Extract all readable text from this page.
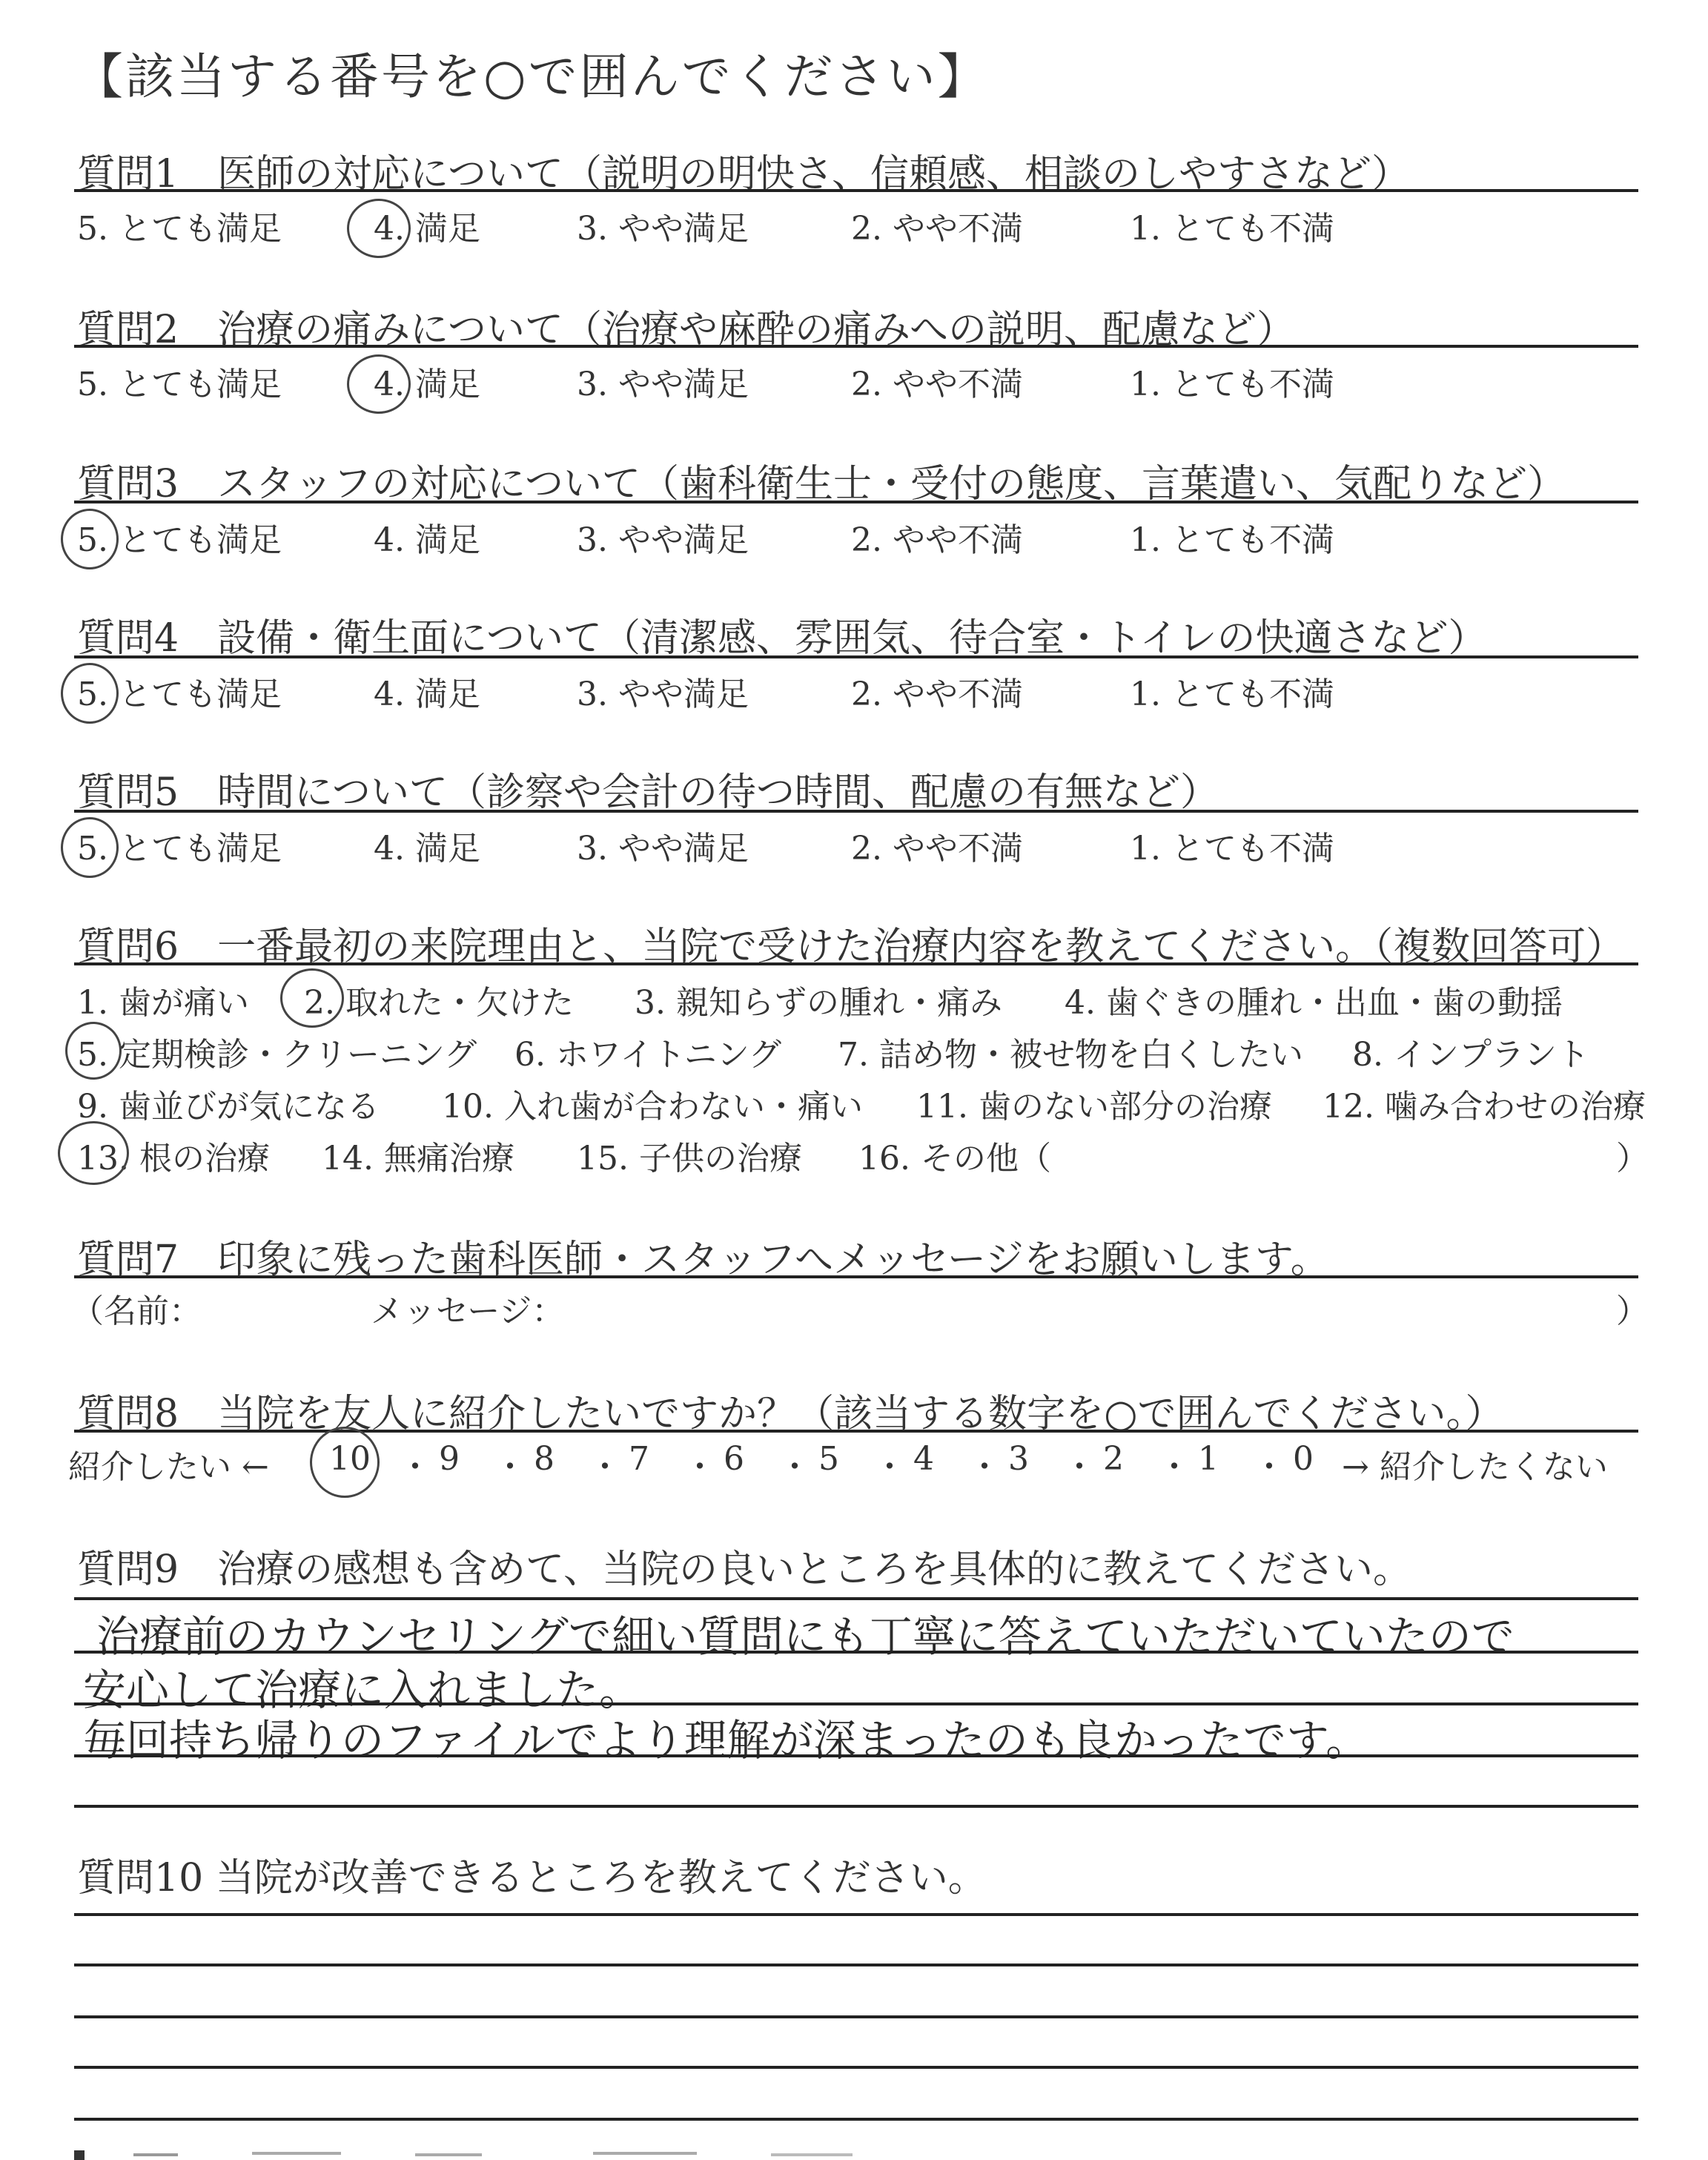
【該当する番号を○で囲んでください】
質問1　医師の対応について（説明の明快さ、信頼感、相談のしやすさなど）
5. とても満足	4. 満足	3. やや満足	2. やや不満	1. とても不満
質問2　治療の痛みについて（治療や麻酔の痛みへの説明、配慮など）
5. とても満足	4. 満足	3. やや満足	2. やや不満	1. とても不満
質問3　スタッフの対応について（歯科衛生士・受付の態度、言葉遣い、気配りなど）
5. とても満足	4. 満足	3. やや満足	2. やや不満	1. とても不満
質問4　設備・衛生面について（清潔感、雰囲気、待合室・トイレの快適さなど）
5. とても満足	4. 満足	3. やや満足	2. やや不満	1. とても不満
質問5　時間について（診察や会計の待つ時間、配慮の有無など）
5. とても満足	4. 満足	3. やや満足	2. やや不満	1. とても不満
質問6　一番最初の来院理由と、当院で受けた治療内容を教えてください。（複数回答可）
1. 歯が痛い 2. 取れた・欠けた 3. 親知らずの腫れ・痛み 4. 歯ぐきの腫れ・出血・歯の動揺
5. 定期検診・クリーニング 6. ホワイトニング 7. 詰め物・被せ物を白くしたい 8. インプラント
9. 歯並びが気になる 10. 入れ歯が合わない・痛い 11. 歯のない部分の治療 12. 噛み合わせの治療
13. 根の治療 14. 無痛治療 15. 子供の治療 16. その他（	）
質問7　印象に残った歯科医師・スタッフへメッセージをお願いします。
（名前：	メッセージ：	）
質問8　当院を友人に紹介したいですか？（該当する数字を○で囲んでください。）
紹介したい ← 10 ・ 9 ・ 8 ・ 7 ・ 6 ・ 5 ・ 4 ・ 3 ・ 2 ・ 1 ・ 0 → 紹介したくない
質問9　治療の感想も含めて、当院の良いところを具体的に教えてください。
治療前のカウンセリングで細い質問にも丁寧に答えていただいていたので
安心して治療に入れました。
毎回持ち帰りのファイルでより理解が深まったのも良かったです。
質問10 当院が改善できるところを教えてください。
